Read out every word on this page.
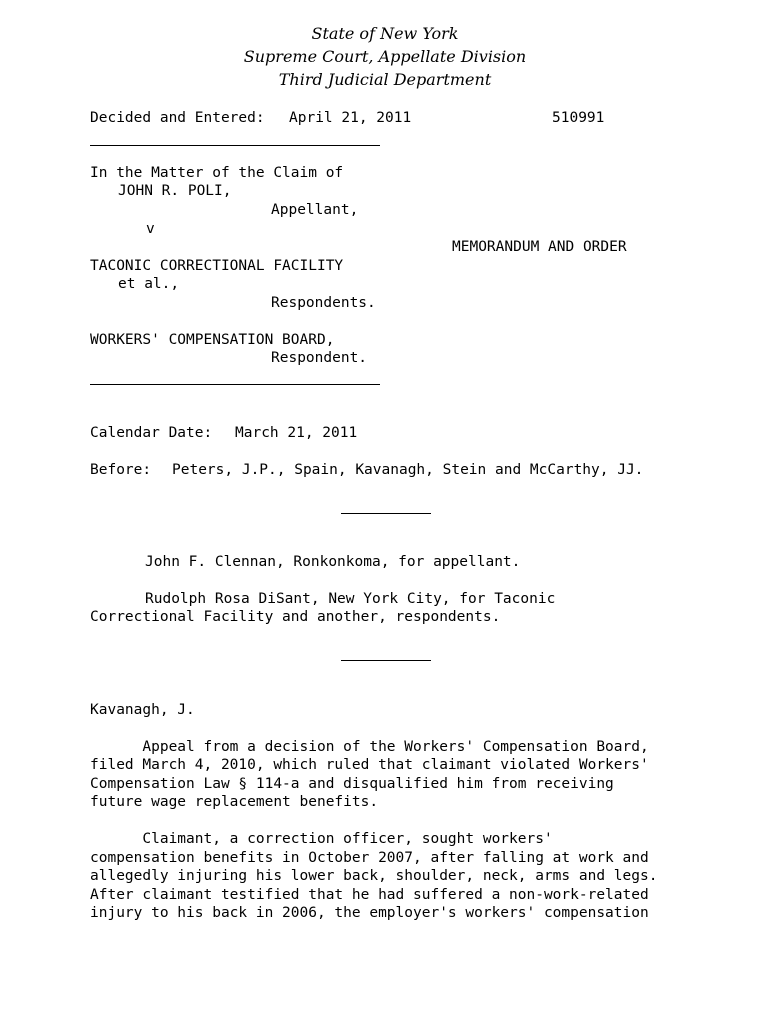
State of New York
Supreme Court, Appellate Division
Third Judicial Department
Decided and Entered: April 21, 2011	510991
In the Matter of the Claim of
JOHN R. POLI,
Appellant,
v
MEMORANDUM AND ORDER
TACONIC CORRECTIONAL FACILITY
et al.,
Respondents.
WORKERS' COMPENSATION BOARD,
Respondent.
Calendar Date: March 21, 2011
Before: Peters, J.P., Spain, Kavanagh, Stein and McCarthy, JJ.
John F. Clennan, Ronkonkoma, for appellant.
Rudolph Rosa DiSant, New York City, for Taconic
Correctional Facility and another, respondents.
Kavanagh, J.
Appeal from a decision of the Workers' Compensation Board,
filed March 4, 2010, which ruled that claimant violated Workers'
Compensation Law § 114-a and disqualified him from receiving
future wage replacement benefits.
Claimant, a correction officer, sought workers'
compensation benefits in October 2007, after falling at work and
allegedly injuring his lower back, shoulder, neck, arms and legs.
After claimant testified that he had suffered a non-work-related
injury to his back in 2006, the employer's workers' compensation
